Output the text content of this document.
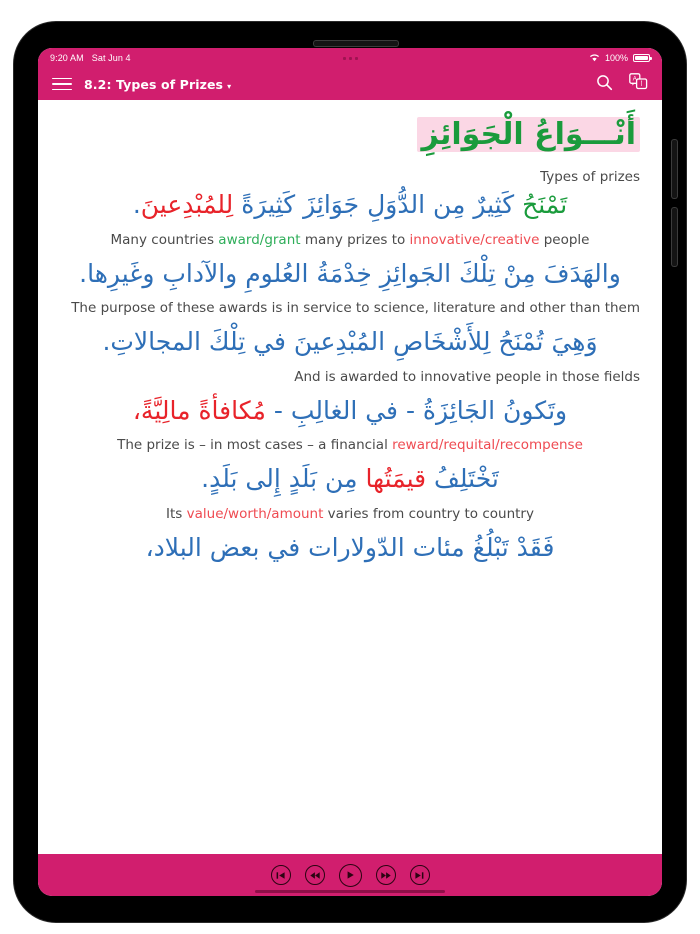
9:20 AM Sat Jun 4	100%
8.2: Types of Prizes ▾
A
أ
أَنْـــوَاعُ الْجَوَائِزِ
Types of prizes
تَمْنَحُ كَثِيرٌ مِن الدُّوَلِ جَوَائِزَ كَثِيرَةً لِلمُبْدِعينَ.
Many countries award/grant many prizes to innovative/creative people
والهَدَفَ مِنْ تِلْكَ الجَوائِزِ خِدْمَةُ العُلومِ والآدابِ وغَيرِها.
The purpose of these awards is in service to science, literature and other than them
وَهِيَ تُمْنَحُ لِلأَشْخَاصِ المُبْدِعينَ في تِلْكَ المجالاتِ.
And is awarded to innovative people in those fields
وتَكونُ الجَائِزَةُ - في الغالِبِ - مُكافأةً مالِيَّةً،
The prize is – in most cases – a financial reward/requital/recompense
تَخْتَلِفُ قيمَتُها مِن بَلَدٍ إِلى بَلَدٍ.
Its value/worth/amount varies from country to country
فَقَدْ تَبْلُغُ مئات الدّولارات في بعض البلاد،
